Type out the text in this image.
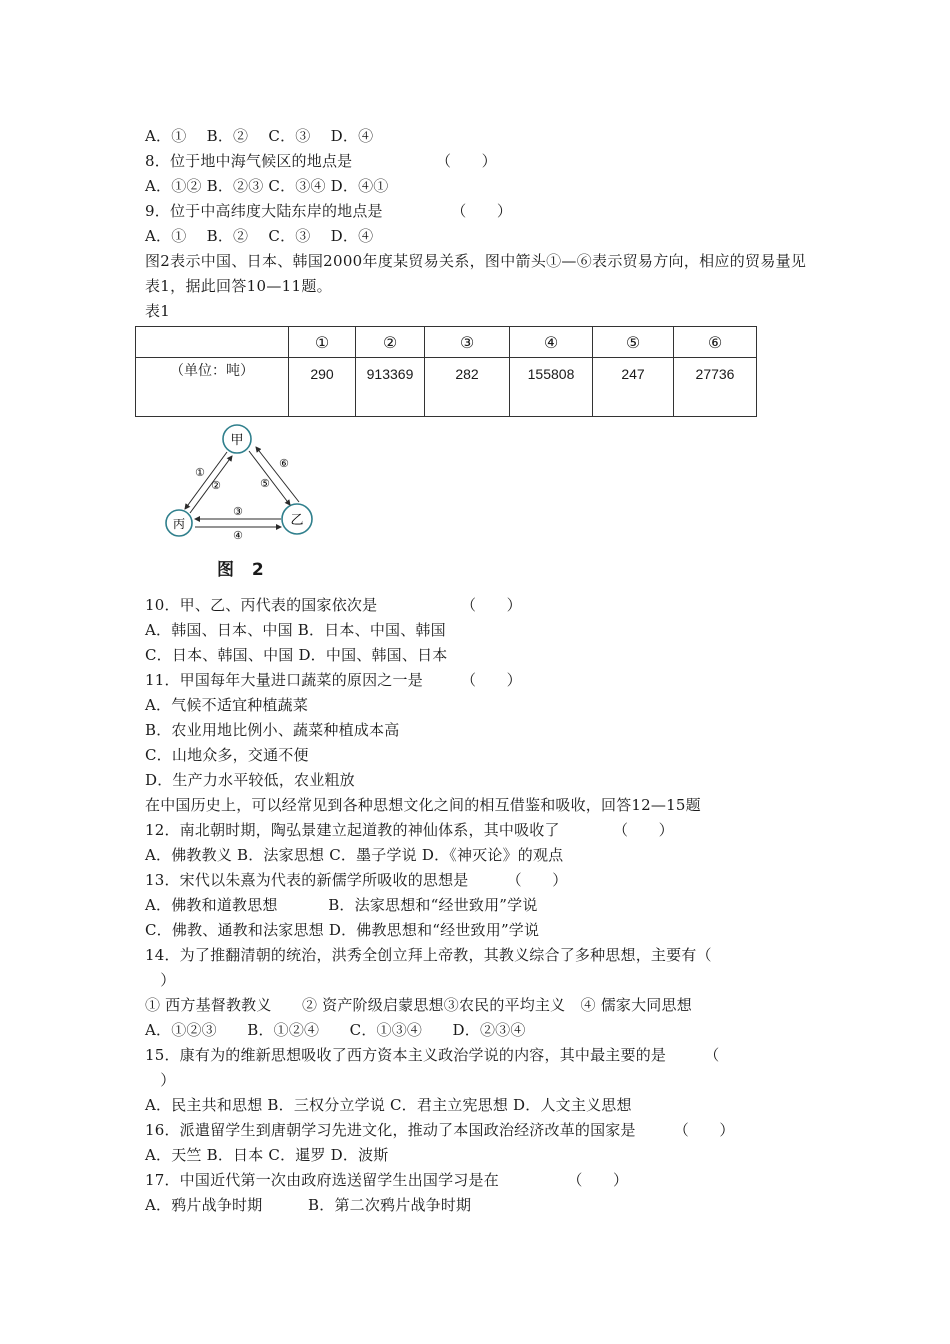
A．①　 B．②　 C．③　 D．④
8．位于地中海气候区的地点是　　　　　　（　　）
A．①② B．②③ C．③④ D．④①
9．位于中高纬度大陆东岸的地点是　　　　　（　　）
A．①　 B．②　 C．③　 D．④
图2表示中国、日本、韩国2000年度某贸易关系，图中箭头①—⑥表示贸易方向，相应的贸易量见表1，据此回答10—11题。
表1
	①	②	③	④	⑤	⑥
（单位：吨）	290	913369	282	155808	247	27736
甲
丙	乙
①
②
③
④
⑤
⑥
图 2
10．甲、乙、丙代表的国家依次是　　　　　　（　　）
A．韩国、日本、中国 B．日本、中国、韩国
C．日本、韩国、中国 D．中国、韩国、日本
11．甲国每年大量进口蔬菜的原因之一是　　　（　　）
A．气候不适宜种植蔬菜
B．农业用地比例小、蔬菜种植成本高
C．山地众多，交通不便
D．生产力水平较低，农业粗放
在中国历史上，可以经常见到各种思想文化之间的相互借鉴和吸收，回答12—15题
12．南北朝时期，陶弘景建立起道教的神仙体系，其中吸收了　　　　（　　）
A．佛教教义 B．法家思想 C．墨子学说 D．《神灭论》的观点
13．宋代以朱熹为代表的新儒学所吸收的思想是　　　（　　）
A．佛教和道教思想　　　 B．法家思想和“经世致用”学说
C．佛教、通教和法家思想 D．佛教思想和“经世致用”学说
14．为了推翻清朝的统治，洪秀全创立拜上帝教，其教义综合了多种思想，主要有（
　）
① 西方基督教教义　　② 资产阶级启蒙思想③农民的平均主义　④ 儒家大同思想
A．①②③　　B．①②④　　C．①③④　　D．②③④
15．康有为的维新思想吸收了西方资本主义政治学说的内容，其中最主要的是　　　（
　）
A．民主共和思想 B．三权分立学说 C．君主立宪思想 D．人文主义思想
16．派遣留学生到唐朝学习先进文化，推动了本国政治经济改革的国家是　　　（　　）
A．天竺 B．日本 C．暹罗 D．波斯
17．中国近代第一次由政府选送留学生出国学习是在　　　　　（　　）
A．鸦片战争时期　　　B．第二次鸦片战争时期
